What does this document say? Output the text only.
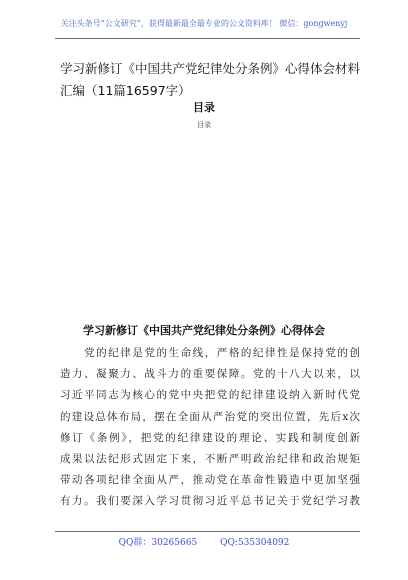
关注头条号“公文研究”，获得最新最全最专业的公文资料库！ 微信：gongwenyj
学习新修订《中国共产党纪律处分条例》心得体会材料汇编（11篇16597字）
目录
目录
学习新修订《中国共产党纪律处分条例》心得体会
　　党的纪律是党的生命线，严格的纪律性是保持党的创
造力、凝聚力、战斗力的重要保障。党的十八大以来，以
习近平同志为核心的党中央把党的纪律建设纳入新时代党
的建设总体布局，摆在全面从严治党的突出位置，先后x次
修订《条例》，把党的纪律建设的理论、实践和制度创新
成果以法纪形式固定下来，不断严明政治纪律和政治规矩
带动各项纪律全面从严，推动党在革命性锻造中更加坚强
有力。我们要深入学习贯彻习近平总书记关于党纪学习教
QQ群：30265665	QQ:535304092
